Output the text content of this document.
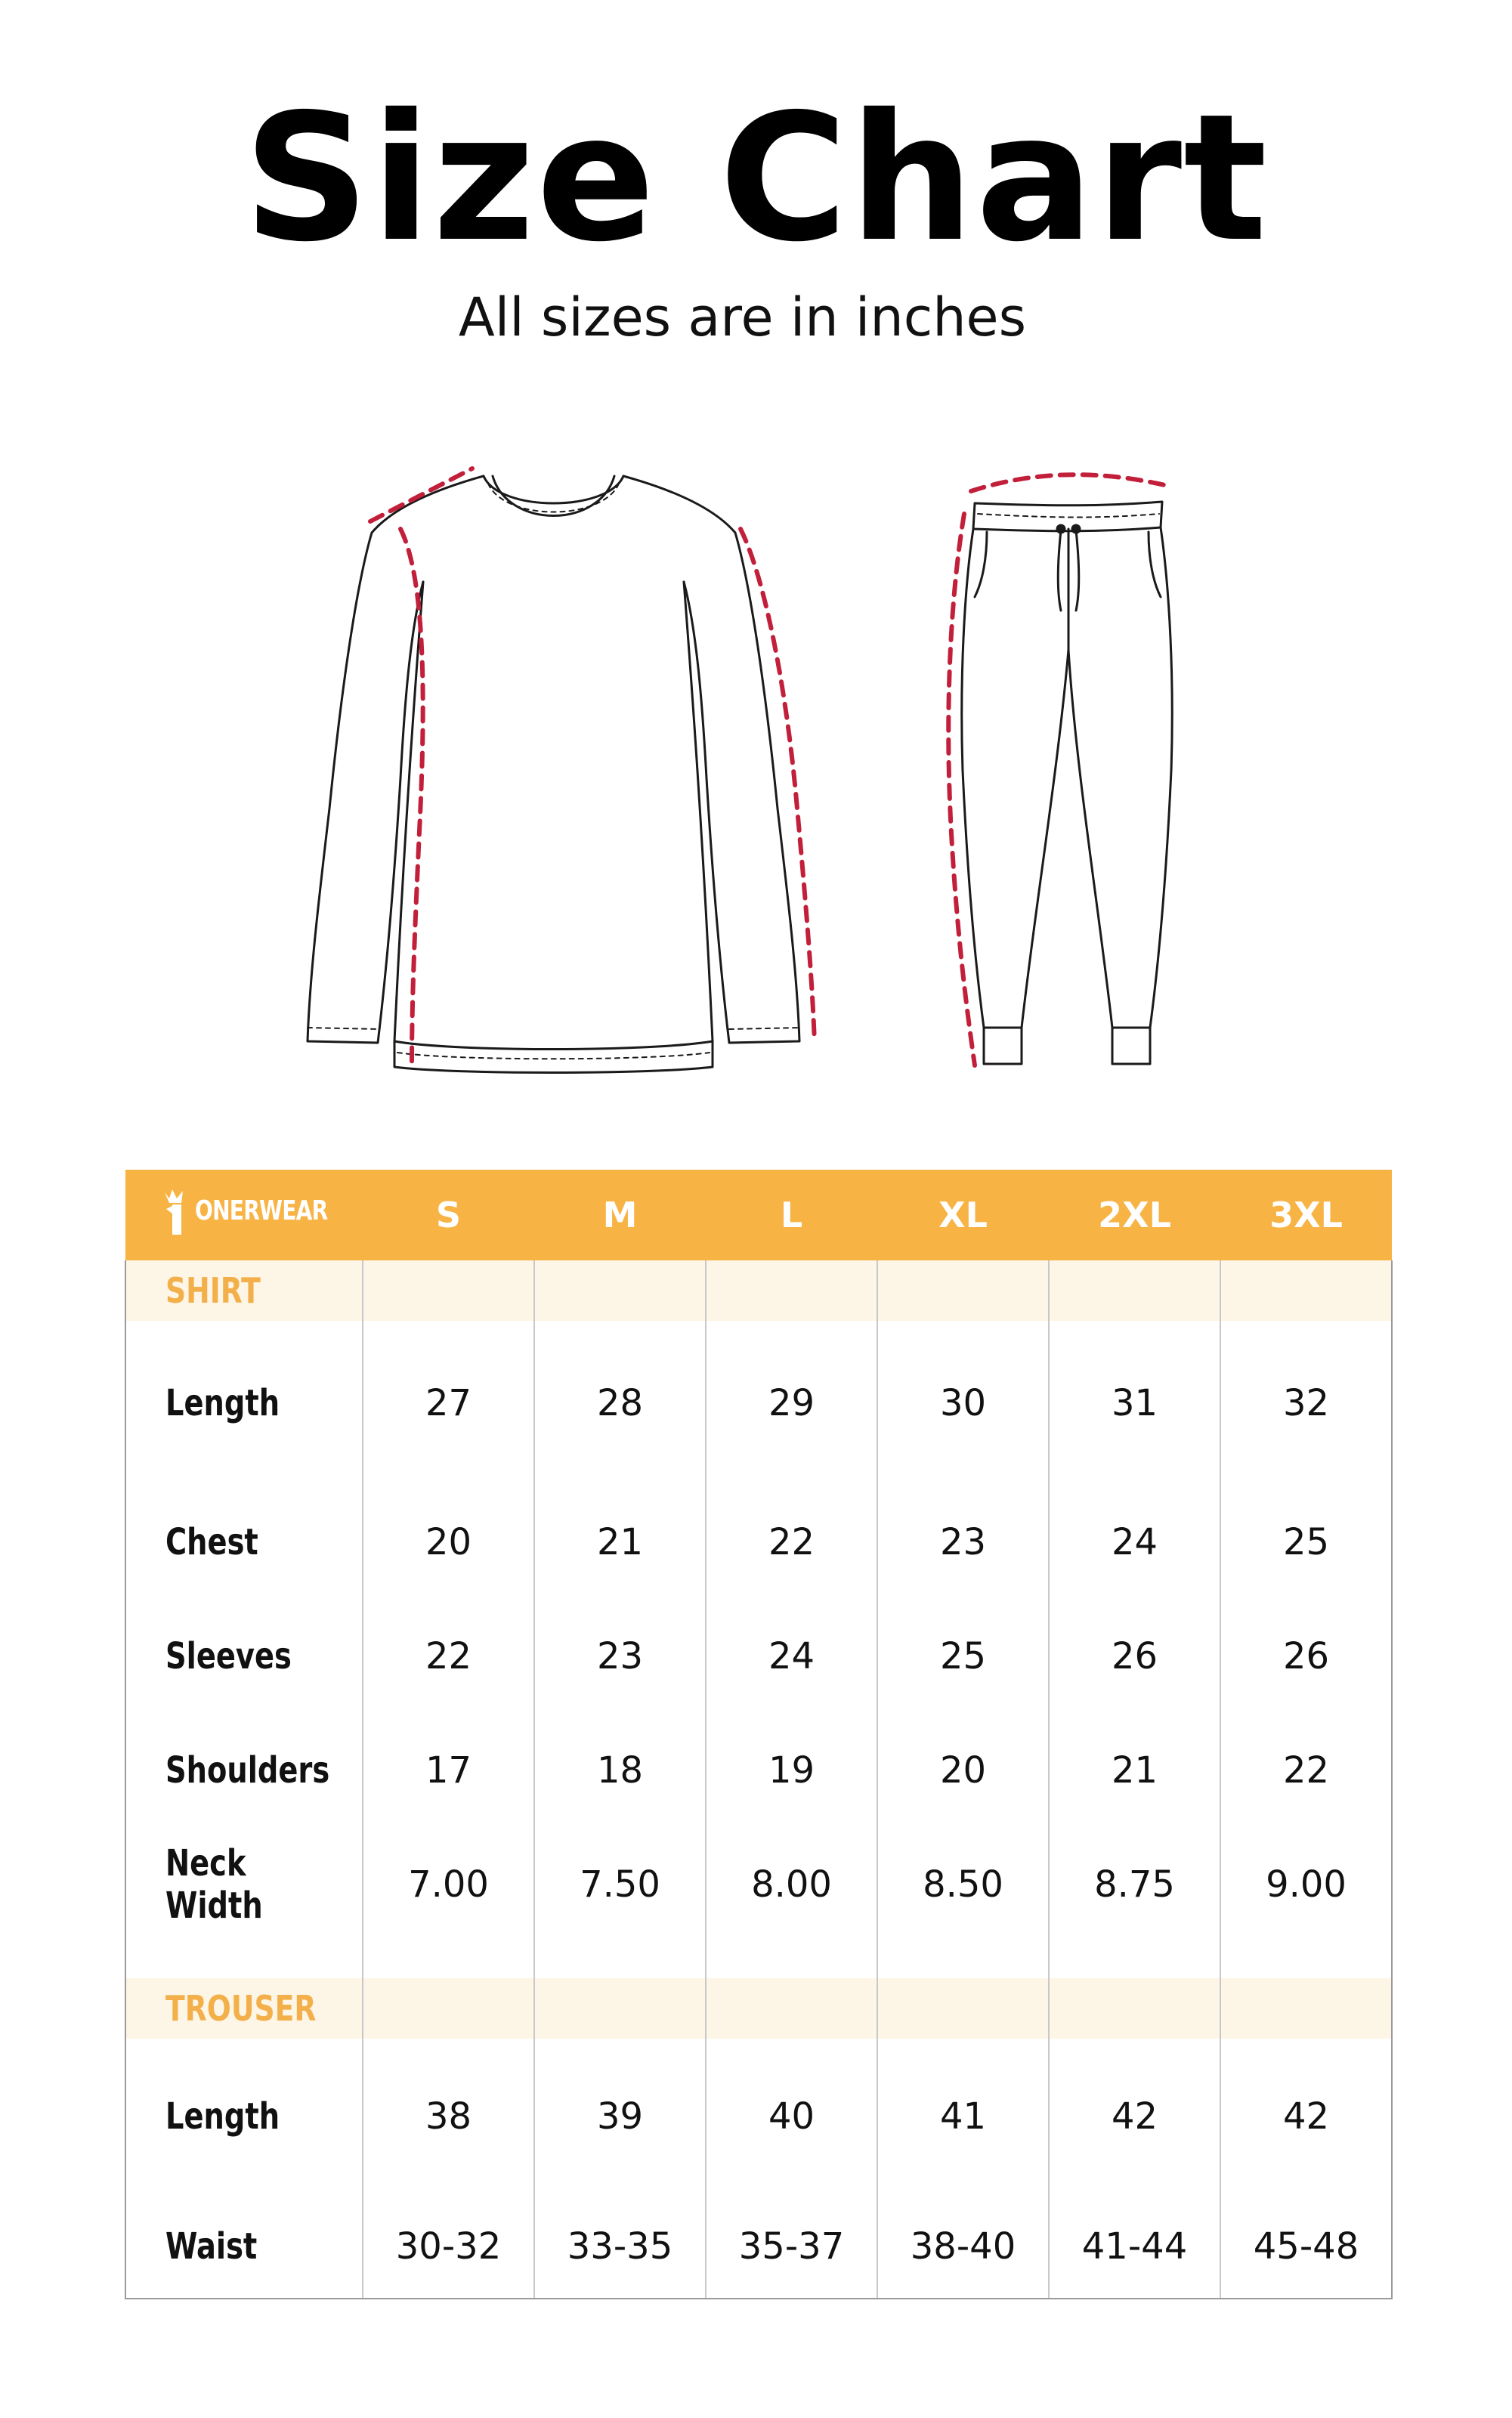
Size Chart
All sizes are in inches
ONERWEAR	S	M	L	XL	2XL	3XL
SHIRT						
Length	27	28	29	30	31	32
Chest	20	21	22	23	24	25
Sleeves	22	23	24	25	26	26
Shoulders	17	18	19	20	21	22
Neck Width	7.00	7.50	8.00	8.50	8.75	9.00

TROUSER						
Length	38	39	40	41	42	42
Waist	30-32	33-35	35-37	38-40	41-44	45-48
